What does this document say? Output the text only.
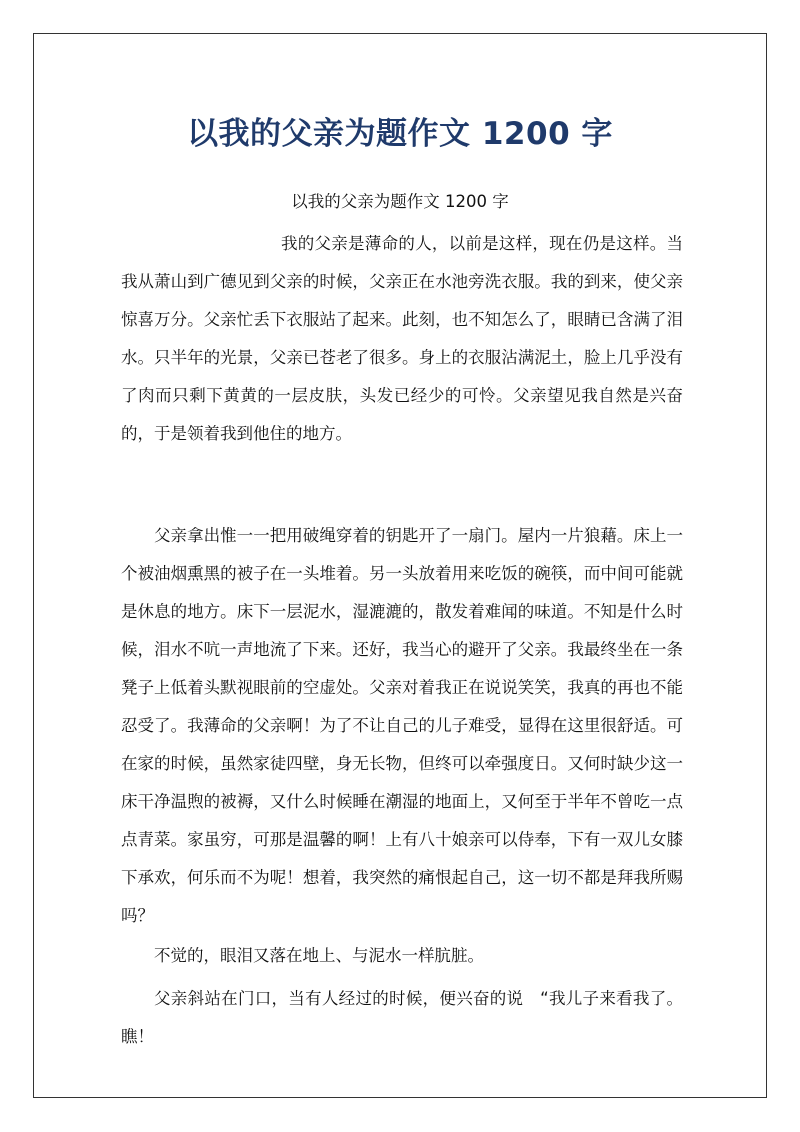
以我的父亲为题作文 1200 字

以我的父亲为题作文 1200 字

我的父亲是薄命的人，以前是这样，现在仍是这样。当我从萧山到广德见到父亲的时候，父亲正在水池旁洗衣服。我的到来，使父亲惊喜万分。父亲忙丢下衣服站了起来。此刻，也不知怎么了，眼睛已含满了泪水。只半年的光景，父亲已苍老了很多。身上的衣服沾满泥土，脸上几乎没有了肉而只剩下黄黄的一层皮肤，头发已经少的可怜。父亲望见我自然是兴奋的，于是领着我到他住的地方。

父亲拿出惟一一把用破绳穿着的钥匙开了一扇门。屋内一片狼藉。床上一个被油烟熏黑的被子在一头堆着。另一头放着用来吃饭的碗筷，而中间可能就是休息的地方。床下一层泥水，湿漉漉的，散发着难闻的味道。不知是什么时候，泪水不吭一声地流了下来。还好，我当心的避开了父亲。我最终坐在一条凳子上低着头默视眼前的空虚处。父亲对着我正在说说笑笑，我真的再也不能忍受了。我薄命的父亲啊！为了不让自己的儿子难受，显得在这里很舒适。可在家的时候，虽然家徒四壁，身无长物，但终可以牵强度日。又何时缺少这一床干净温煦的被褥，又什么时候睡在潮湿的地面上，又何至于半年不曾吃一点点青菜。家虽穷，可那是温馨的啊！上有八十娘亲可以侍奉，下有一双儿女膝下承欢，何乐而不为呢！想着，我突然的痛恨起自己，这一切不都是拜我所赐吗？

不觉的，眼泪又落在地上、与泥水一样肮脏。

父亲斜站在门口，当有人经过的时候，便兴奋的说　“我儿子来看我了。瞧！
